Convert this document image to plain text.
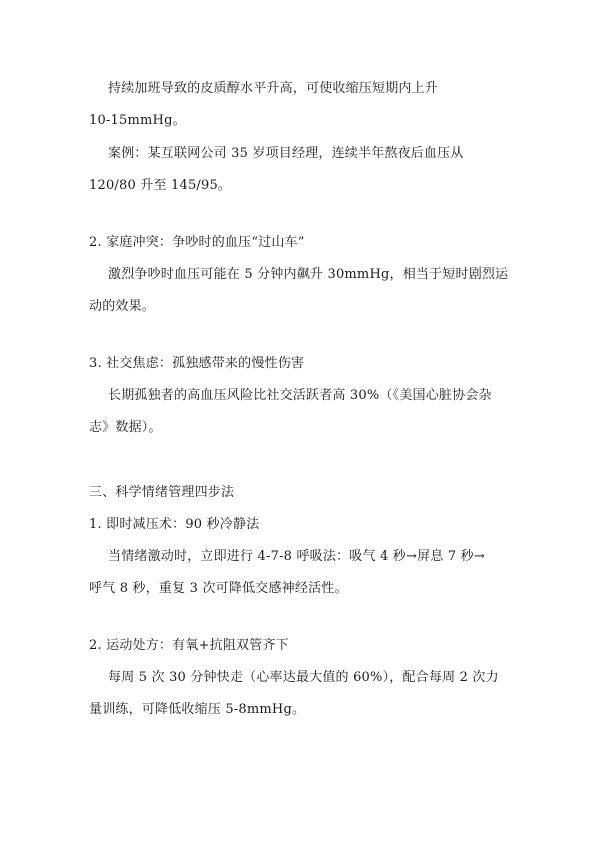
持续加班导致的皮质醇水平升高，可使收缩压短期内上升
10-15mmHg。
案例：某互联网公司 35 岁项目经理，连续半年熬夜后血压从
120/80 升至 145/95。
2. 家庭冲突：争吵时的血压“过山车”
激烈争吵时血压可能在 5 分钟内飙升 30mmHg，相当于短时剧烈运
动的效果。
3. 社交焦虑：孤独感带来的慢性伤害
长期孤独者的高血压风险比社交活跃者高 30%（《美国心脏协会杂
志》数据）。
三、科学情绪管理四步法
1. 即时减压术：90 秒冷静法
当情绪激动时，立即进行 4-7-8 呼吸法：吸气 4 秒→屏息 7 秒→
呼气 8 秒，重复 3 次可降低交感神经活性。
2. 运动处方：有氧+抗阻双管齐下
每周 5 次 30 分钟快走（心率达最大值的 60%），配合每周 2 次力
量训练，可降低收缩压 5-8mmHg。
